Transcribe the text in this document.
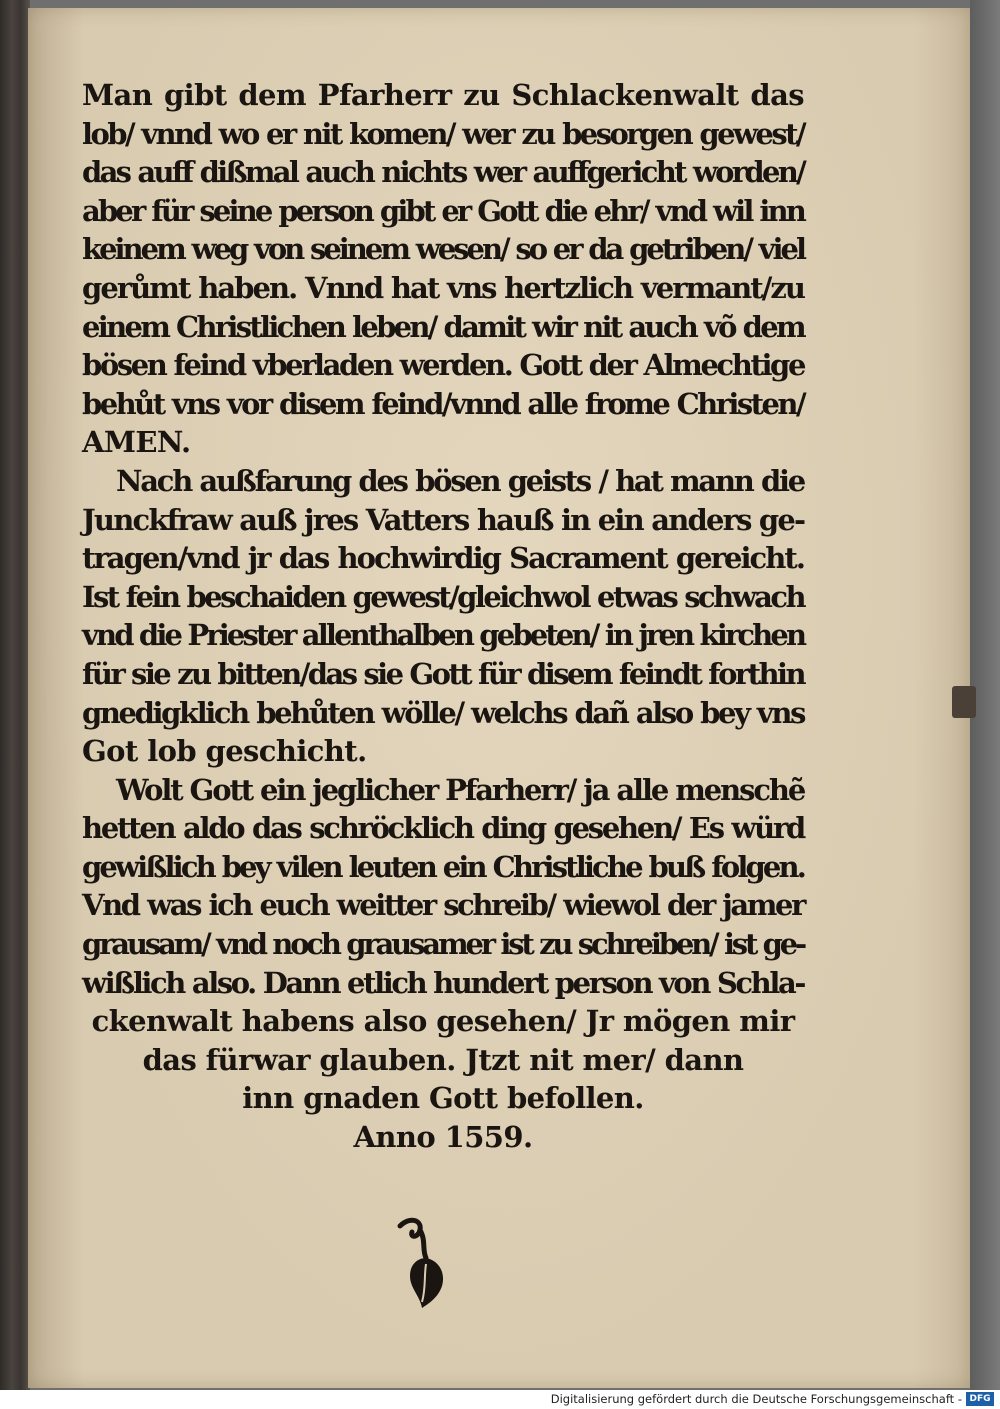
Man gibt dem Pfarherr zu Schlackenwalt das
lob/ vnnd wo er nit komen/ wer zu besorgen gewest/
das auff dißmal auch nichts wer auffgericht worden/
aber für seine person gibt er Gott die ehr/ vnd wil inn
keinem weg von seinem wesen/ so er da getriben/ viel
gerůmt haben. Vnnd hat vns hertzlich vermant/zu
einem Christlichen leben/ damit wir nit auch võ dem
bösen feind vberladen werden. Gott der Almechtige
behůt vns vor disem feind/vnnd alle frome Christen/
AMEN.
Nach außfarung des bösen geists / hat mann die
Junckfraw auß jres Vatters hauß in ein anders ge-
tragen/vnd jr das hochwirdig Sacrament gereicht.
Ist fein beschaiden gewest/gleichwol etwas schwach
vnd die Priester allenthalben gebeten/ in jren kirchen
für sie zu bitten/das sie Gott für disem feindt forthin
gnedigklich behůten wölle/ welchs dañ also bey vns
Got lob geschicht.
Wolt Gott ein jeglicher Pfarherr/ ja alle menschẽ
hetten aldo das schröcklich ding gesehen/ Es würd
gewißlich bey vilen leuten ein Christliche buß folgen.
Vnd was ich euch weitter schreib/ wiewol der jamer
grausam/ vnd noch grausamer ist zu schreiben/ ist ge-
wißlich also. Dann etlich hundert person von Schla-
ckenwalt habens also gesehen/ Jr mögen mir
das fürwar glauben. Jtzt nit mer/ dann
inn gnaden Gott befollen.
Anno 1559.
Digitalisierung gefördert durch die Deutsche Forschungsgemeinschaft - DFG
